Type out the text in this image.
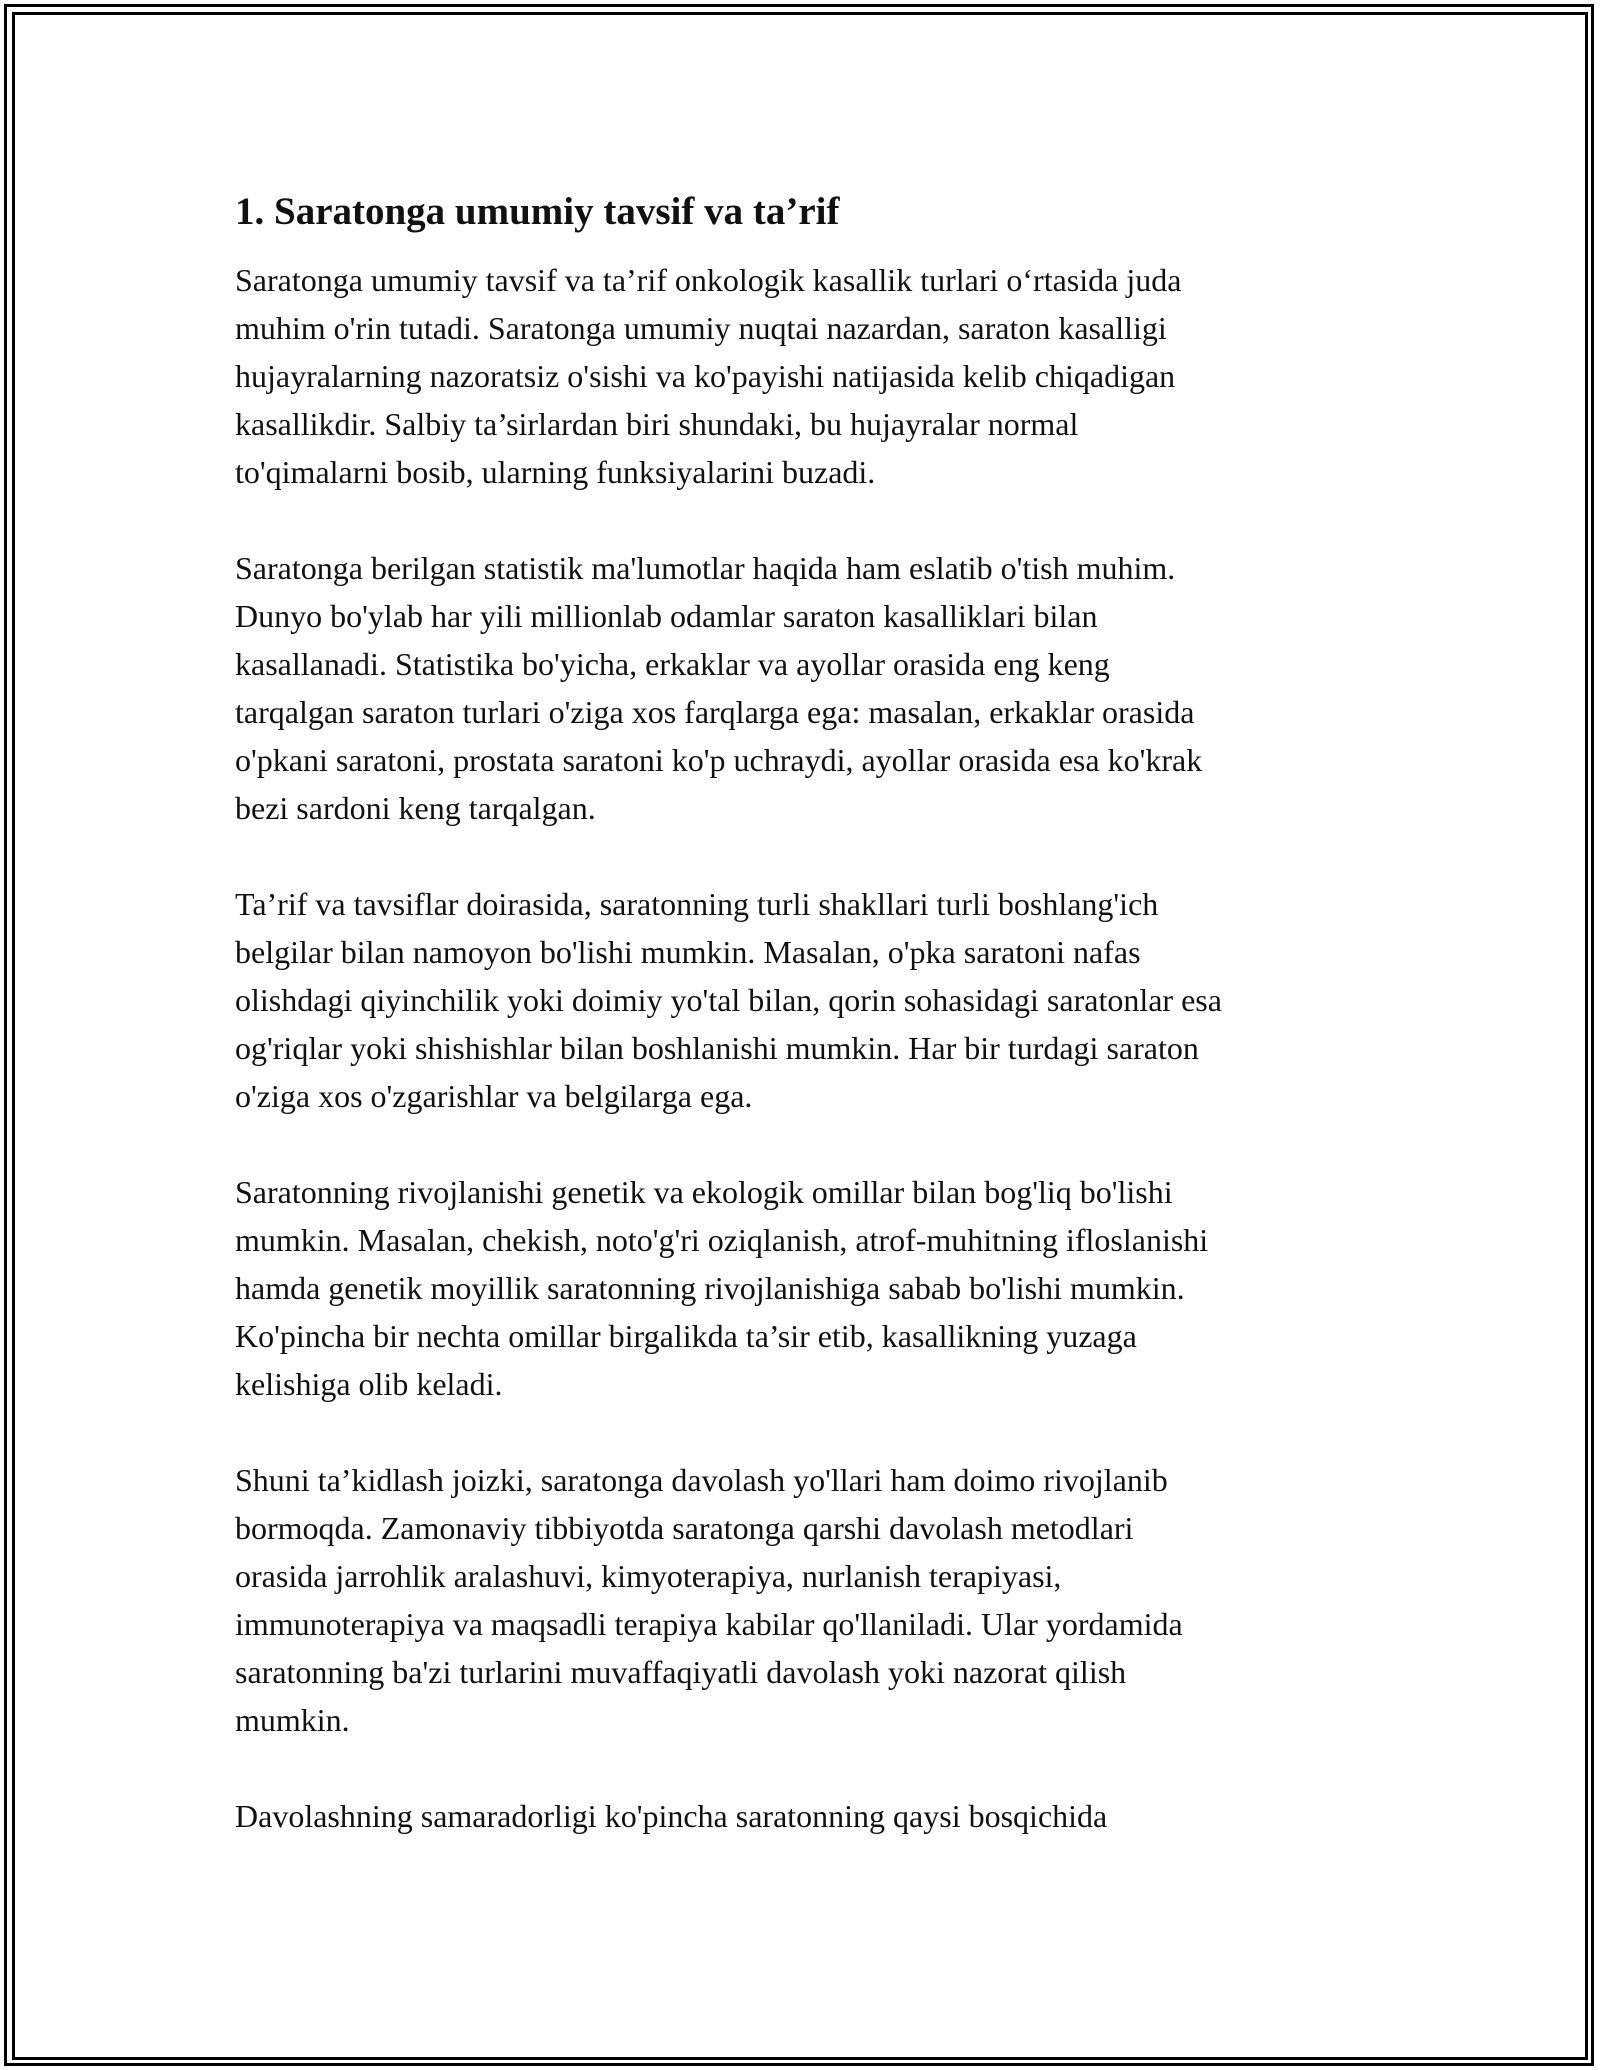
1. Saratonga umumiy tavsif va ta’rif

Saratonga umumiy tavsif va ta’rif onkologik kasallik turlari o‘rtasida juda
muhim o'rin tutadi. Saratonga umumiy nuqtai nazardan, saraton kasalligi
hujayralarning nazoratsiz o'sishi va ko'payishi natijasida kelib chiqadigan
kasallikdir. Salbiy ta’sirlardan biri shundaki, bu hujayralar normal
to'qimalarni bosib, ularning funksiyalarini buzadi.

Saratonga berilgan statistik ma'lumotlar haqida ham eslatib o'tish muhim.
Dunyo bo'ylab har yili millionlab odamlar saraton kasalliklari bilan
kasallanadi. Statistika bo'yicha, erkaklar va ayollar orasida eng keng
tarqalgan saraton turlari o'ziga xos farqlarga ega: masalan, erkaklar orasida
o'pkani saratoni, prostata saratoni ko'p uchraydi, ayollar orasida esa ko'krak
bezi sardoni keng tarqalgan.

Ta’rif va tavsiflar doirasida, saratonning turli shakllari turli boshlang'ich
belgilar bilan namoyon bo'lishi mumkin. Masalan, o'pka saratoni nafas
olishdagi qiyinchilik yoki doimiy yo'tal bilan, qorin sohasidagi saratonlar esa
og'riqlar yoki shishishlar bilan boshlanishi mumkin. Har bir turdagi saraton
o'ziga xos o'zgarishlar va belgilarga ega.

Saratonning rivojlanishi genetik va ekologik omillar bilan bog'liq bo'lishi
mumkin. Masalan, chekish, noto'g'ri oziqlanish, atrof-muhitning ifloslanishi
hamda genetik moyillik saratonning rivojlanishiga sabab bo'lishi mumkin.
Ko'pincha bir nechta omillar birgalikda ta’sir etib, kasallikning yuzaga
kelishiga olib keladi.

Shuni ta’kidlash joizki, saratonga davolash yo'llari ham doimo rivojlanib
bormoqda. Zamonaviy tibbiyotda saratonga qarshi davolash metodlari
orasida jarrohlik aralashuvi, kimyoterapiya, nurlanish terapiyasi,
immunoterapiya va maqsadli terapiya kabilar qo'llaniladi. Ular yordamida
saratonning ba'zi turlarini muvaffaqiyatli davolash yoki nazorat qilish
mumkin.

Davolashning samaradorligi ko'pincha saratonning qaysi bosqichida
